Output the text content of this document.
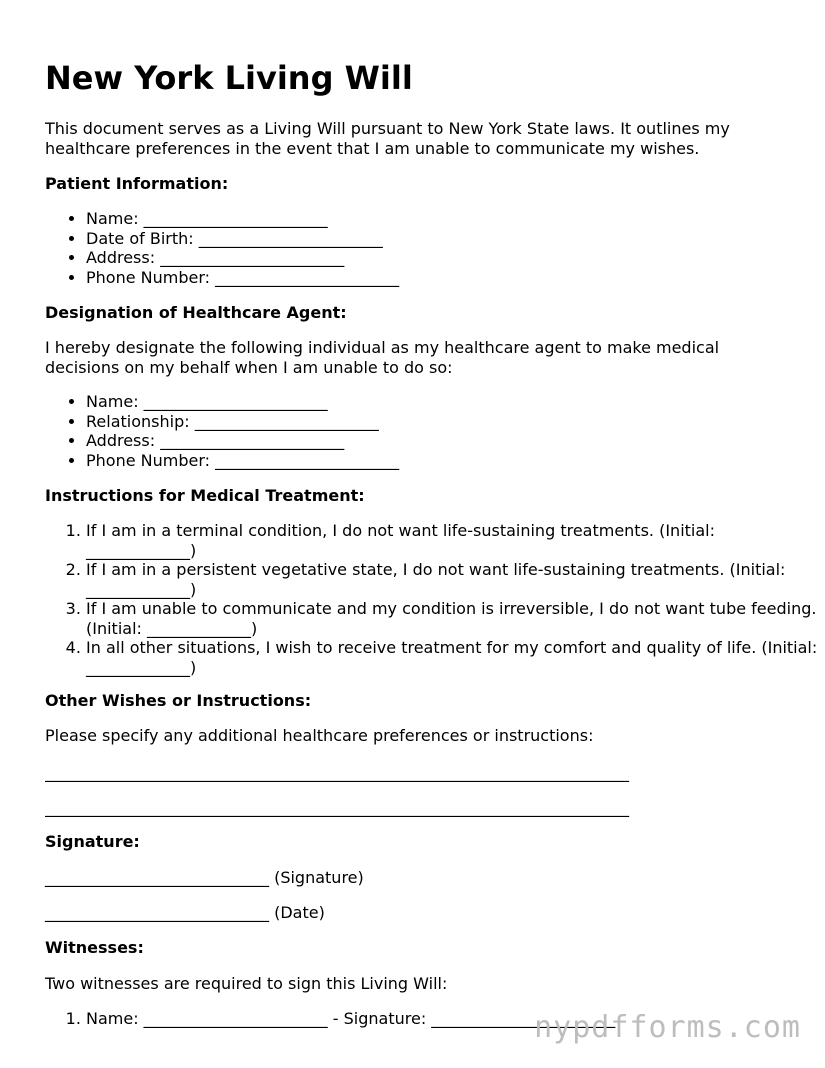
New York Living Will

This document serves as a Living Will pursuant to New York State laws. It outlines my healthcare preferences in the event that I am unable to communicate my wishes.

Patient Information:

• Name: _______________________
• Date of Birth: _______________________
• Address: _______________________
• Phone Number: _______________________

Designation of Healthcare Agent:

I hereby designate the following individual as my healthcare agent to make medical decisions on my behalf when I am unable to do so:

• Name: _______________________
• Relationship: _______________________
• Address: _______________________
• Phone Number: _______________________

Instructions for Medical Treatment:

1. If I am in a terminal condition, I do not want life-sustaining treatments. (Initial: _____________)
2. If I am in a persistent vegetative state, I do not want life-sustaining treatments. (Initial: _____________)
3. If I am unable to communicate and my condition is irreversible, I do not want tube feeding. (Initial: _____________)
4. In all other situations, I wish to receive treatment for my comfort and quality of life. (Initial: _____________)

Other Wishes or Instructions:

Please specify any additional healthcare preferences or instructions:

_________________________________________________________________________

_________________________________________________________________________

Signature:

____________________________ (Signature)

____________________________ (Date)

Witnesses:

Two witnesses are required to sign this Living Will:

1. Name: _______________________ - Signature: _______________________
nypdfforms.com
